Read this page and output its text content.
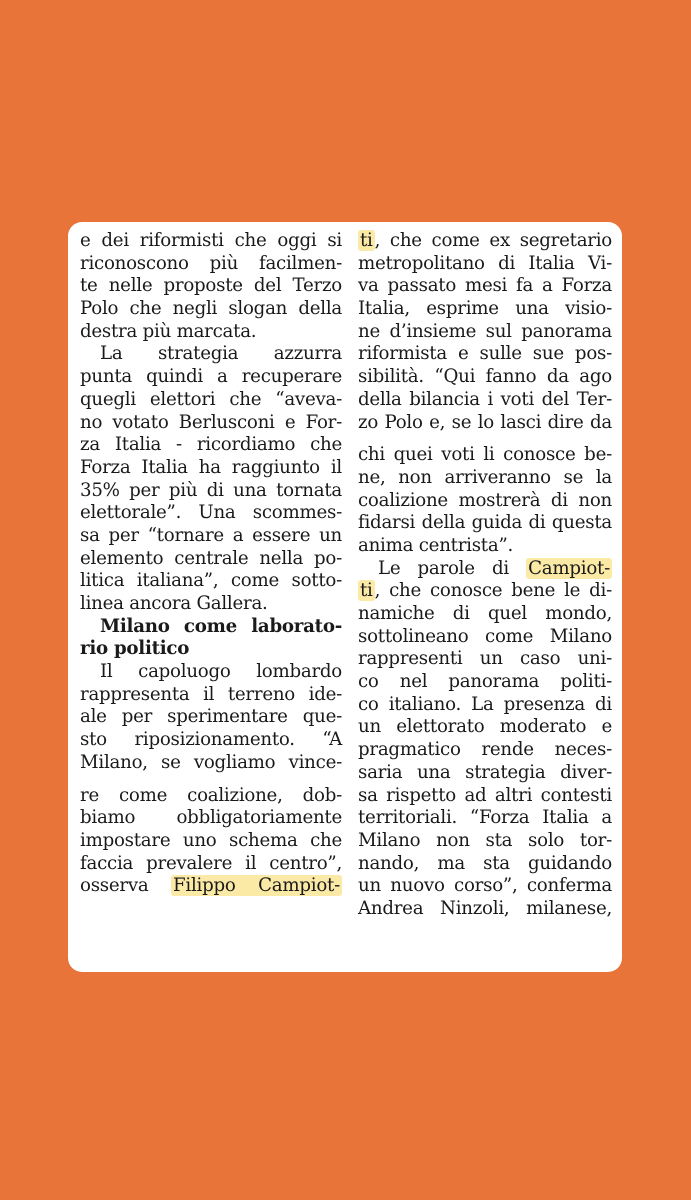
e dei riformisti che oggi si
riconoscono più facilmen-
te nelle proposte del Terzo
Polo che negli slogan della
destra più marcata.
La strategia azzurra
punta quindi a recuperare
quegli elettori che “aveva-
no votato Berlusconi e For-
za Italia - ricordiamo che
Forza Italia ha raggiunto il
35% per più di una tornata
elettorale”. Una scommes-
sa per “tornare a essere un
elemento centrale nella po-
litica italiana”, come sotto-
linea ancora Gallera.
Milano come laborato-
rio politico
Il capoluogo lombardo
rappresenta il terreno ide-
ale per sperimentare que-
sto riposizionamento. “A
Milano, se vogliamo vince-
re come coalizione, dob-
biamo obbligatoriamente
impostare uno schema che
faccia prevalere il centro”,
osserva Filippo Campiot-
ti , che come ex segretario
metropolitano di Italia Vi-
va passato mesi fa a Forza
Italia, esprime una visio-
ne d’insieme sul panorama
riformista e sulle sue pos-
sibilità. “Qui fanno da ago
della bilancia i voti del Ter-
zo Polo e, se lo lasci dire da
chi quei voti li conosce be-
ne, non arriveranno se la
coalizione mostrerà di non
fidarsi della guida di questa
anima centrista”.
Le parole di Campiot-
ti , che conosce bene le di-
namiche di quel mondo,
sottolineano come Milano
rappresenti un caso uni-
co nel panorama politi-
co italiano. La presenza di
un elettorato moderato e
pragmatico rende neces-
saria una strategia diver-
sa rispetto ad altri contesti
territoriali. “Forza Italia a
Milano non sta solo tor-
nando, ma sta guidando
un nuovo corso”, conferma
Andrea Ninzoli, milanese,
